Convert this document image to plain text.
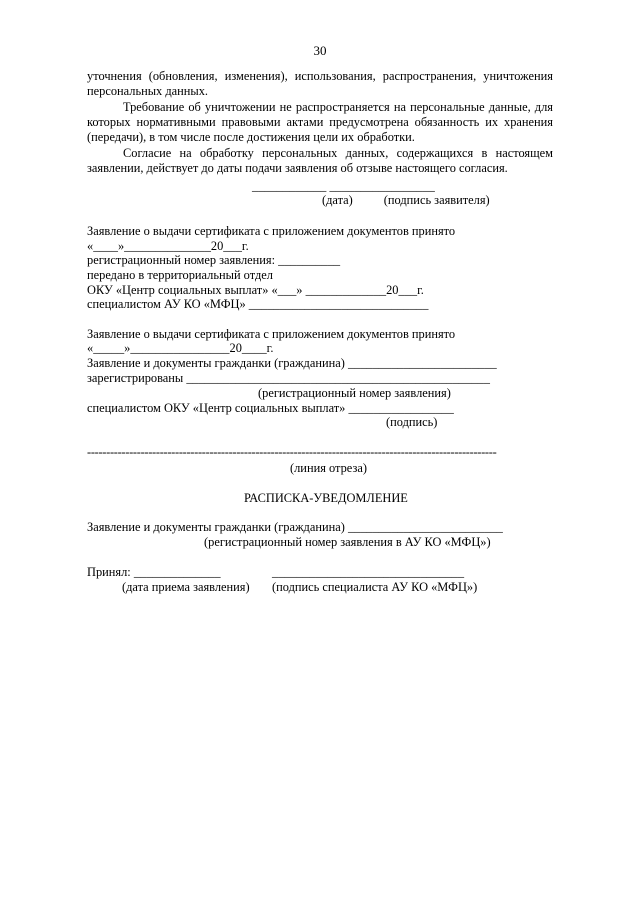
30
уточнения (обновления, изменения), использования, распространения, уничтожения
персональных данных.
Требование об уничтожении не распространяется на персональные данные, для
которых нормативными правовыми актами предусмотрена обязанность их хранения
(передачи), в том числе после достижения цели их обработки.
Согласие на обработку персональных данных, содержащихся в настоящем
заявлении, действует до даты подачи заявления об отзыве настоящего согласия.
____________ _________________
(дата)          (подпись заявителя)
Заявление о выдачи сертификата с приложением документов принято
«____»______________20___г.
регистрационный номер заявления: __________
передано в территориальный отдел
ОКУ «Центр социальных выплат» «___» _____________20___г.
специалистом АУ КО «МФЦ» _____________________________
Заявление о выдачи сертификата с приложением документов принято
«_____»________________20____г.
Заявление и документы гражданки (гражданина) ________________________
зарегистрированы _________________________________________________
(регистрационный номер заявления)
специалистом ОКУ «Центр социальных выплат» _________________
(подпись)
-----------------------------------------------------------------------------------------------------------
(линия отреза)
РАСПИСКА-УВЕДОМЛЕНИЕ
Заявление и документы гражданки (гражданина) _________________________
(регистрационный номер заявления в АУ КО «МФЦ»)
Принял: ______________	_______________________________
(дата приема заявления) (подпись специалиста АУ КО «МФЦ»)
